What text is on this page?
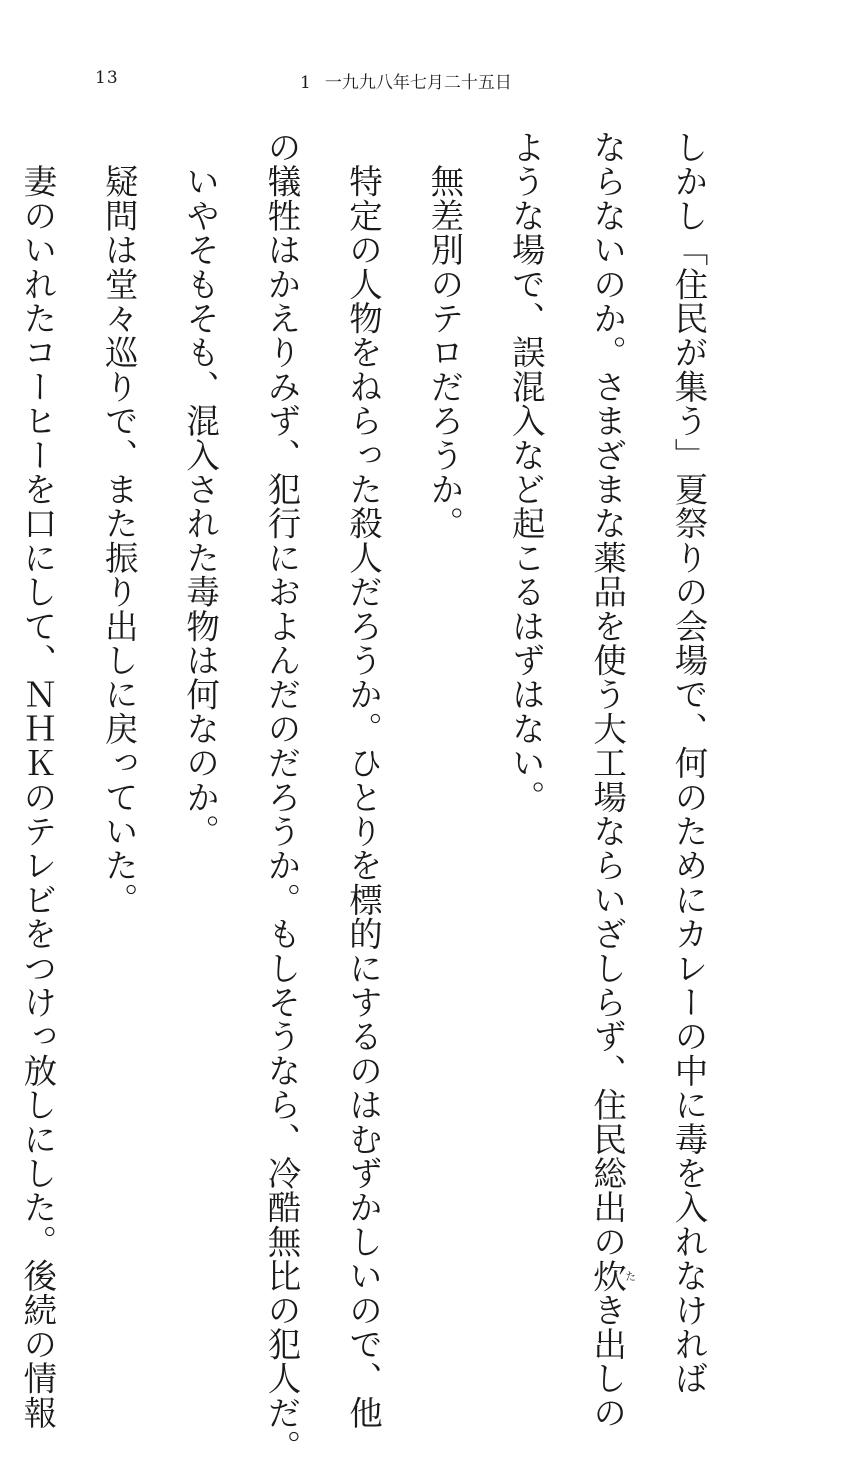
13	1 一九九八年七月二十五日
しかし「住民が集う」夏祭りの会場で、何のためにカレーの中に毒を入れなければ
ならないのか。さまざまな薬品を使う大工場ならいざしらず、住民総出の炊たき出しの
ような場で、誤混入など起こるはずはない。
　無差別のテロだろうか。
　特定の人物をねらった殺人だろうか。ひとりを標的にするのはむずかしいので、他
の犠牲はかえりみず、犯行におよんだのだろうか。もしそうなら、冷酷無比の犯人だ。
　いやそもそも、混入された毒物は何なのか。
　疑問は堂々巡りで、また振り出しに戻っていた。
　妻のいれたコーヒーを口にして、ＮＨＫのテレビをつけっ放しにした。後続の情報
